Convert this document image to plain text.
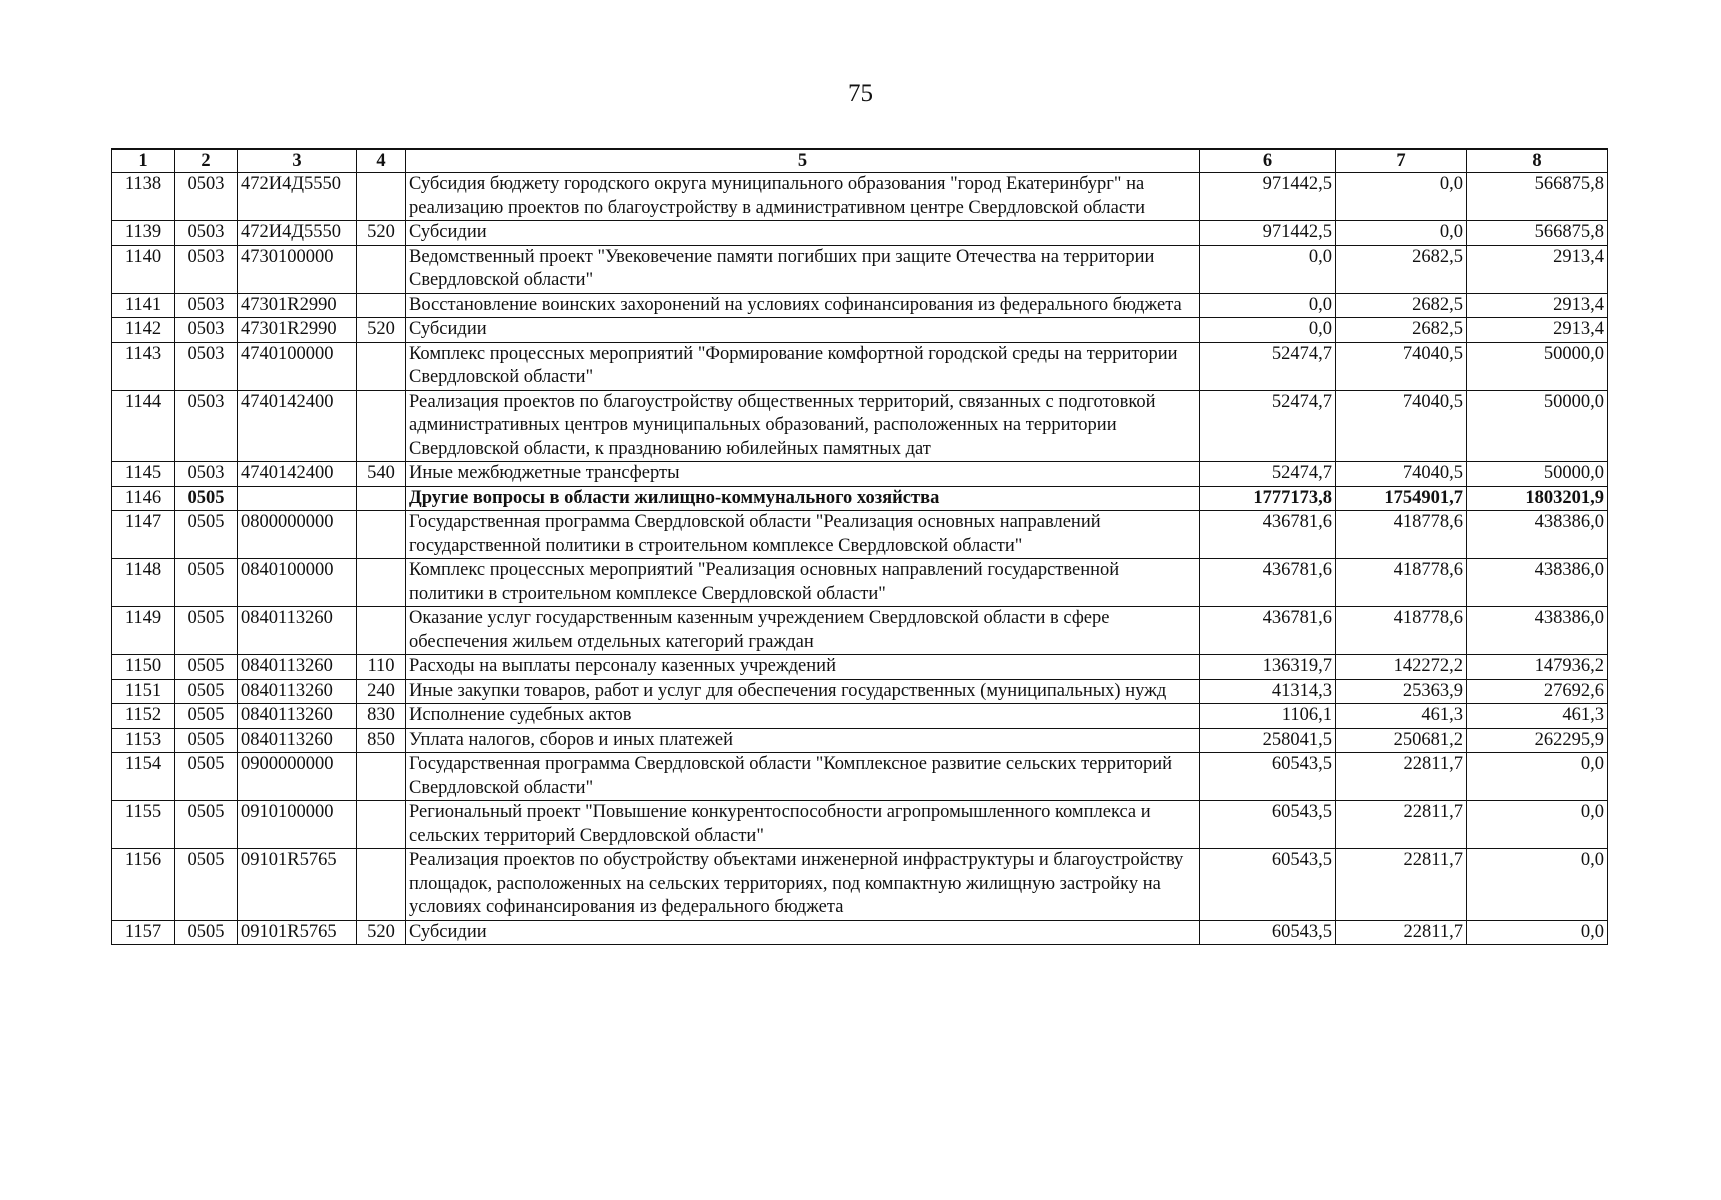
75
1	2	3	4	5	6	7	8
1138	0503	472И4Д5550		Субсидия бюджету городского округа муниципального образования "город Екатеринбург" на реализацию проектов по благоустройству в административном центре Свердловской области	971442,5	0,0	566875,8
1139	0503	472И4Д5550	520	Субсидии	971442,5	0,0	566875,8
1140	0503	4730100000		Ведомственный проект "Увековечение памяти погибших при защите Отечества на территории Свердловской области"	0,0	2682,5	2913,4
1141	0503	47301R2990		Восстановление воинских захоронений на условиях софинансирования из федерального бюджета	0,0	2682,5	2913,4
1142	0503	47301R2990	520	Субсидии	0,0	2682,5	2913,4
1143	0503	4740100000		Комплекс процессных мероприятий "Формирование комфортной городской среды на территории Свердловской области"	52474,7	74040,5	50000,0
1144	0503	4740142400		Реализация проектов по благоустройству общественных территорий, связанных с подготовкой административных центров муниципальных образований, расположенных на территории Свердловской области, к празднованию юбилейных памятных дат	52474,7	74040,5	50000,0
1145	0503	4740142400	540	Иные межбюджетные трансферты	52474,7	74040,5	50000,0
1146	0505			Другие вопросы в области жилищно-коммунального хозяйства	1777173,8	1754901,7	1803201,9
1147	0505	0800000000		Государственная программа Свердловской области "Реализация основных направлений государственной политики в строительном комплексе Свердловской области"	436781,6	418778,6	438386,0
1148	0505	0840100000		Комплекс процессных мероприятий "Реализация основных направлений государственной политики в строительном комплексе Свердловской области"	436781,6	418778,6	438386,0
1149	0505	0840113260		Оказание услуг государственным казенным учреждением Свердловской области в сфере обеспечения жильем отдельных категорий граждан	436781,6	418778,6	438386,0
1150	0505	0840113260	110	Расходы на выплаты персоналу казенных учреждений	136319,7	142272,2	147936,2
1151	0505	0840113260	240	Иные закупки товаров, работ и услуг для обеспечения государственных (муниципальных) нужд	41314,3	25363,9	27692,6
1152	0505	0840113260	830	Исполнение судебных актов	1106,1	461,3	461,3
1153	0505	0840113260	850	Уплата налогов, сборов и иных платежей	258041,5	250681,2	262295,9
1154	0505	0900000000		Государственная программа Свердловской области "Комплексное развитие сельских территорий Свердловской области"	60543,5	22811,7	0,0
1155	0505	0910100000		Региональный проект "Повышение конкурентоспособности агропромышленного комплекса и сельских территорий Свердловской области"	60543,5	22811,7	0,0
1156	0505	09101R5765		Реализация проектов по обустройству объектами инженерной инфраструктуры и благоустройству площадок, расположенных на сельских территориях, под компактную жилищную застройку на условиях софинансирования из федерального бюджета	60543,5	22811,7	0,0
1157	0505	09101R5765	520	Субсидии	60543,5	22811,7	0,0
